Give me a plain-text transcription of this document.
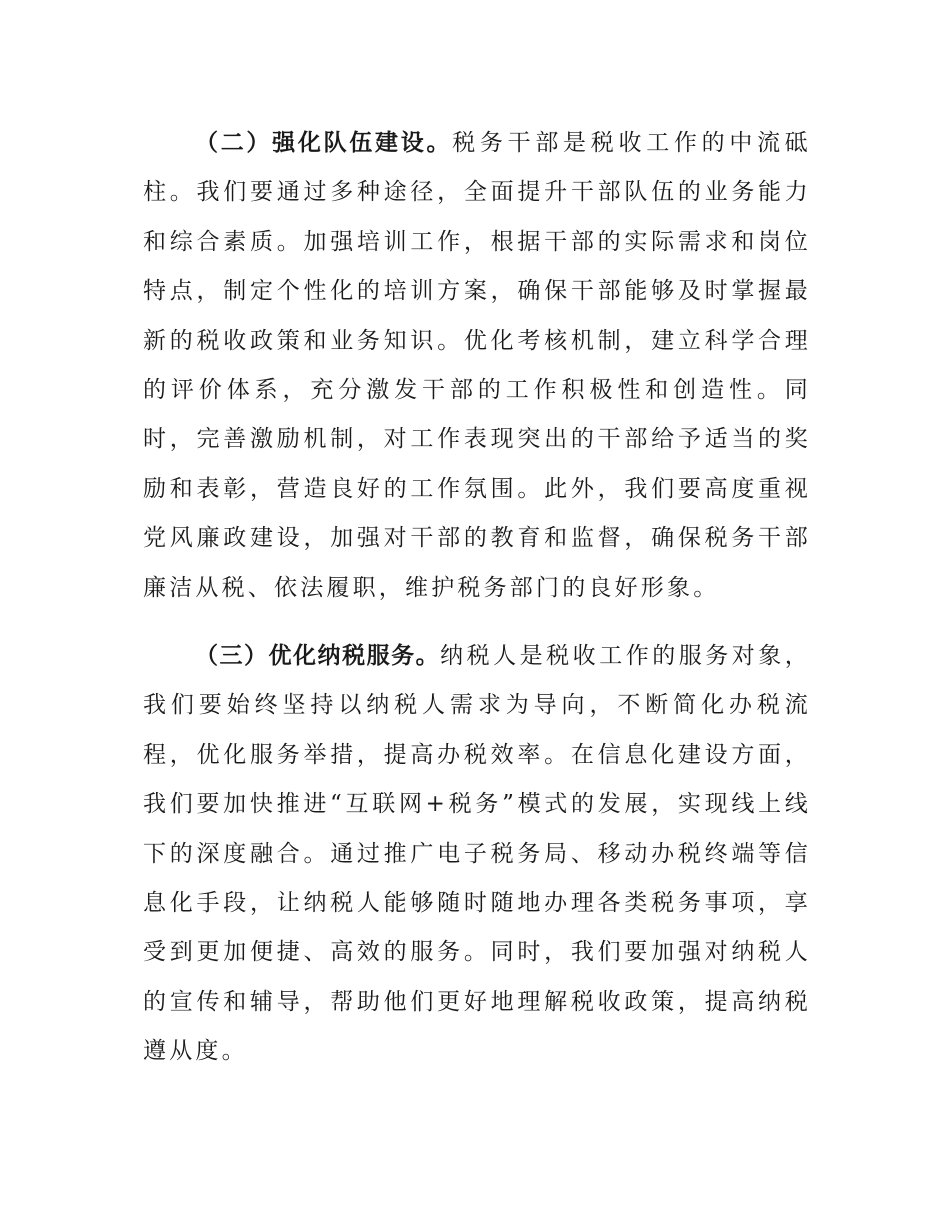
（二）强化队伍建设。税务干部是税收工作的中流砥柱。我们要通过多种途径，全面提升干部队伍的业务能力和综合素质。加强培训工作，根据干部的实际需求和岗位特点，制定个性化的培训方案，确保干部能够及时掌握最新的税收政策和业务知识。优化考核机制，建立科学合理的评价体系，充分激发干部的工作积极性和创造性。同时，完善激励机制，对工作表现突出的干部给予适当的奖励和表彰，营造良好的工作氛围。此外，我们要高度重视党风廉政建设，加强对干部的教育和监督，确保税务干部廉洁从税、依法履职，维护税务部门的良好形象。

（三）优化纳税服务。纳税人是税收工作的服务对象，我们要始终坚持以纳税人需求为导向，不断简化办税流程，优化服务举措，提高办税效率。在信息化建设方面，我们要加快推进“互联网+税务”模式的发展，实现线上线下的深度融合。通过推广电子税务局、移动办税终端等信息化手段，让纳税人能够随时随地办理各类税务事项，享受到更加便捷、高效的服务。同时，我们要加强对纳税人的宣传和辅导，帮助他们更好地理解税收政策，提高纳税遵从度。
